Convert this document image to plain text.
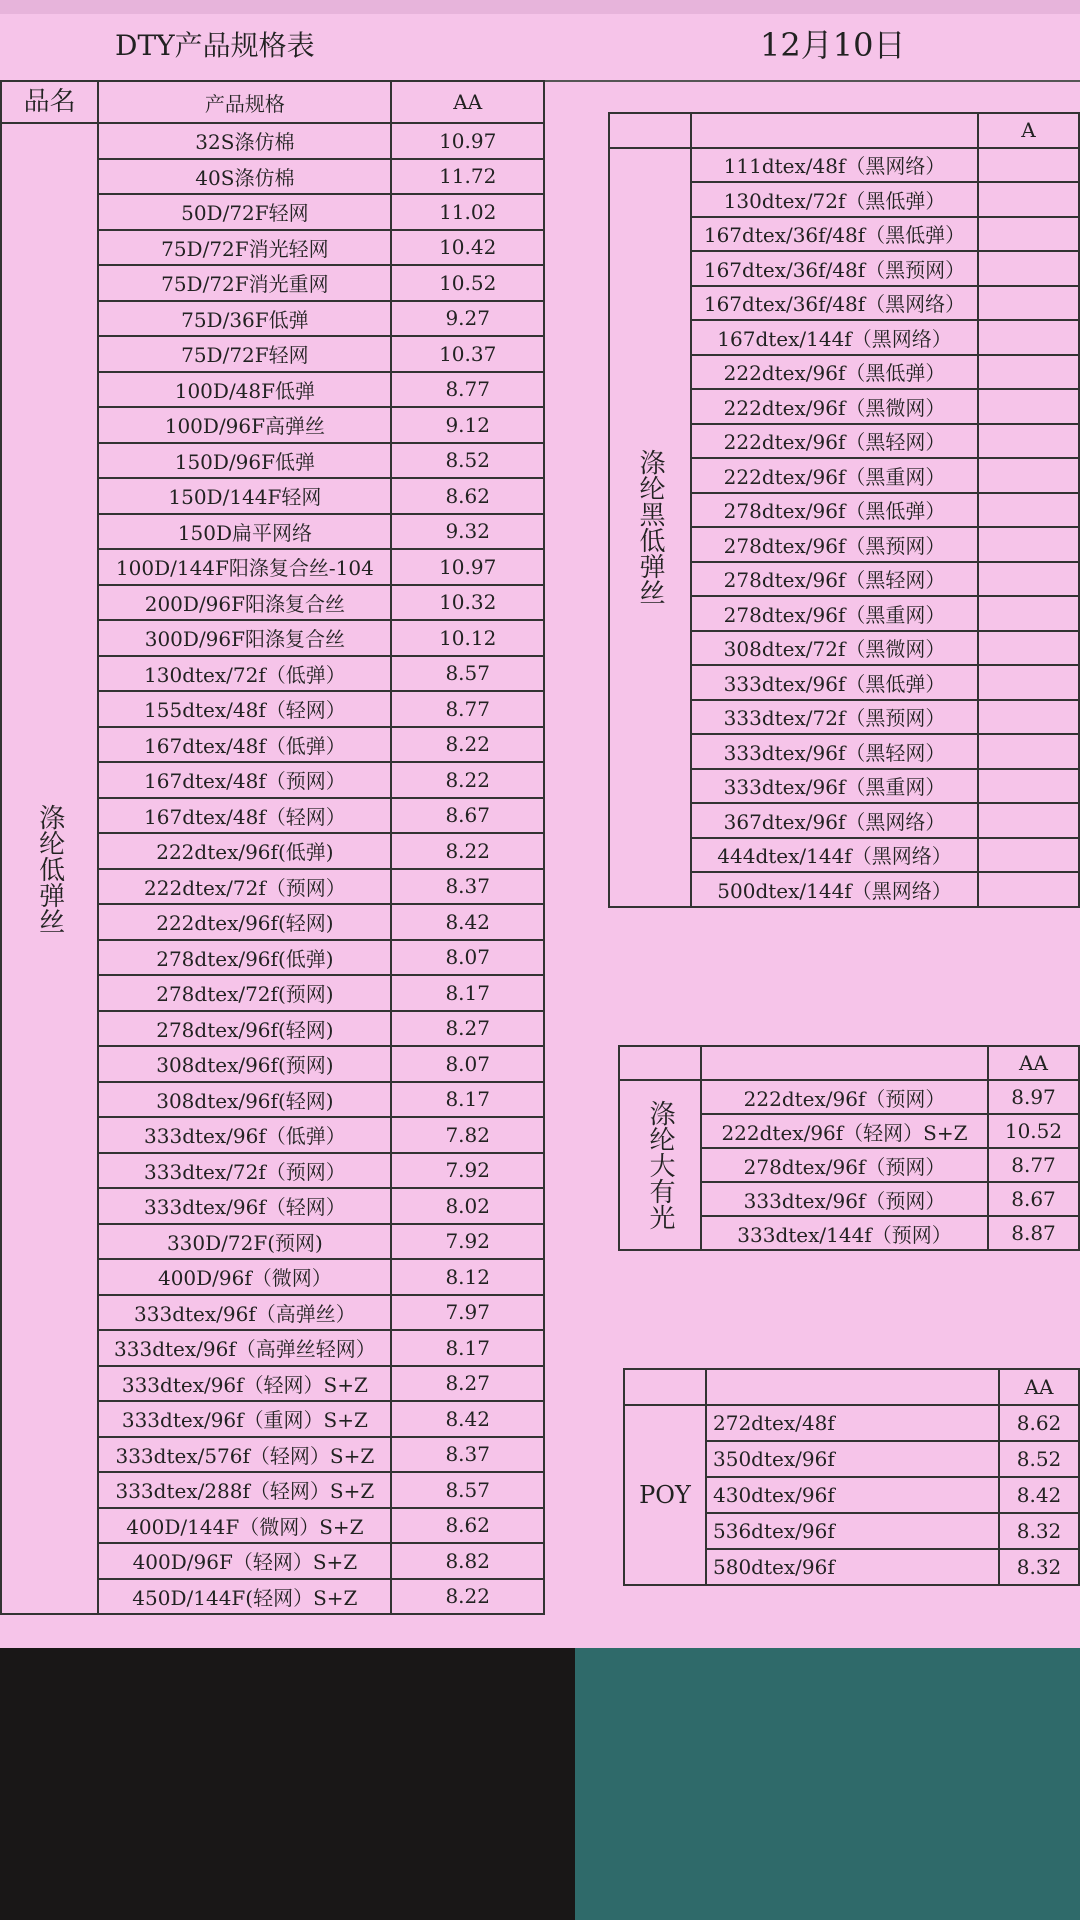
DTY产品规格表	12月10日
品名	产品规格	AA
涤纶低弹丝	32S涤仿棉	10.97
	40S涤仿棉	11.72
	50D/72F轻网	11.02
	75D/72F消光轻网	10.42
	75D/72F消光重网	10.52
	75D/36F低弹	9.27
	75D/72F轻网	10.37
	100D/48F低弹	8.77
	100D/96F高弹丝	9.12
	150D/96F低弹	8.52
	150D/144F轻网	8.62
	150D扁平网络	9.32
	100D/144F阳涤复合丝-104	10.97
	200D/96F阳涤复合丝	10.32
	300D/96F阳涤复合丝	10.12
	130dtex/72f（低弹）	8.57
	155dtex/48f（轻网）	8.77
	167dtex/48f（低弹）	8.22
	167dtex/48f（预网）	8.22
	167dtex/48f（轻网）	8.67
	222dtex/96f(低弹)	8.22
	222dtex/72f（预网）	8.37
	222dtex/96f(轻网)	8.42
	278dtex/96f(低弹)	8.07
	278dtex/72f(预网)	8.17
	278dtex/96f(轻网)	8.27
	308dtex/96f(预网)	8.07
	308dtex/96f(轻网)	8.17
	333dtex/96f（低弹）	7.82
	333dtex/72f（预网）	7.92
	333dtex/96f（轻网）	8.02
	330D/72F(预网)	7.92
	400D/96f（微网）	8.12
	333dtex/96f（高弹丝）	7.97
	333dtex/96f（高弹丝轻网）	8.17
	333dtex/96f（轻网）S+Z	8.27
	333dtex/96f（重网）S+Z	8.42
	333dtex/576f（轻网）S+Z	8.37
	333dtex/288f（轻网）S+Z	8.57
	400D/144F（微网）S+Z	8.62
	400D/96F（轻网）S+Z	8.82
	450D/144F(轻网）S+Z	8.22
		A
涤纶黑低弹丝	111dtex/48f（黑网络）	
	130dtex/72f（黑低弹）	
	167dtex/36f/48f（黑低弹）	
	167dtex/36f/48f（黑预网）	
	167dtex/36f/48f（黑网络）	
	167dtex/144f（黑网络）	
	222dtex/96f（黑低弹）	
	222dtex/96f（黑微网）	
	222dtex/96f（黑轻网）	
	222dtex/96f（黑重网）	
	278dtex/96f（黑低弹）	
	278dtex/96f（黑预网）	
	278dtex/96f（黑轻网）	
	278dtex/96f（黑重网）	
	308dtex/72f（黑微网）	
	333dtex/96f（黑低弹）	
	333dtex/72f（黑预网）	
	333dtex/96f（黑轻网）	
	333dtex/96f（黑重网）	
	367dtex/96f（黑网络）	
	444dtex/144f（黑网络）	
	500dtex/144f（黑网络）	
		AA
涤纶大有光	222dtex/96f（预网）	8.97
	222dtex/96f（轻网）S+Z	10.52
	278dtex/96f（预网）	8.77
	333dtex/96f（预网）	8.67
	333dtex/144f（预网）	8.87
		AA
POY	272dtex/48f	8.62
	350dtex/96f	8.52
	430dtex/96f	8.42
	536dtex/96f	8.32
	580dtex/96f	8.32
